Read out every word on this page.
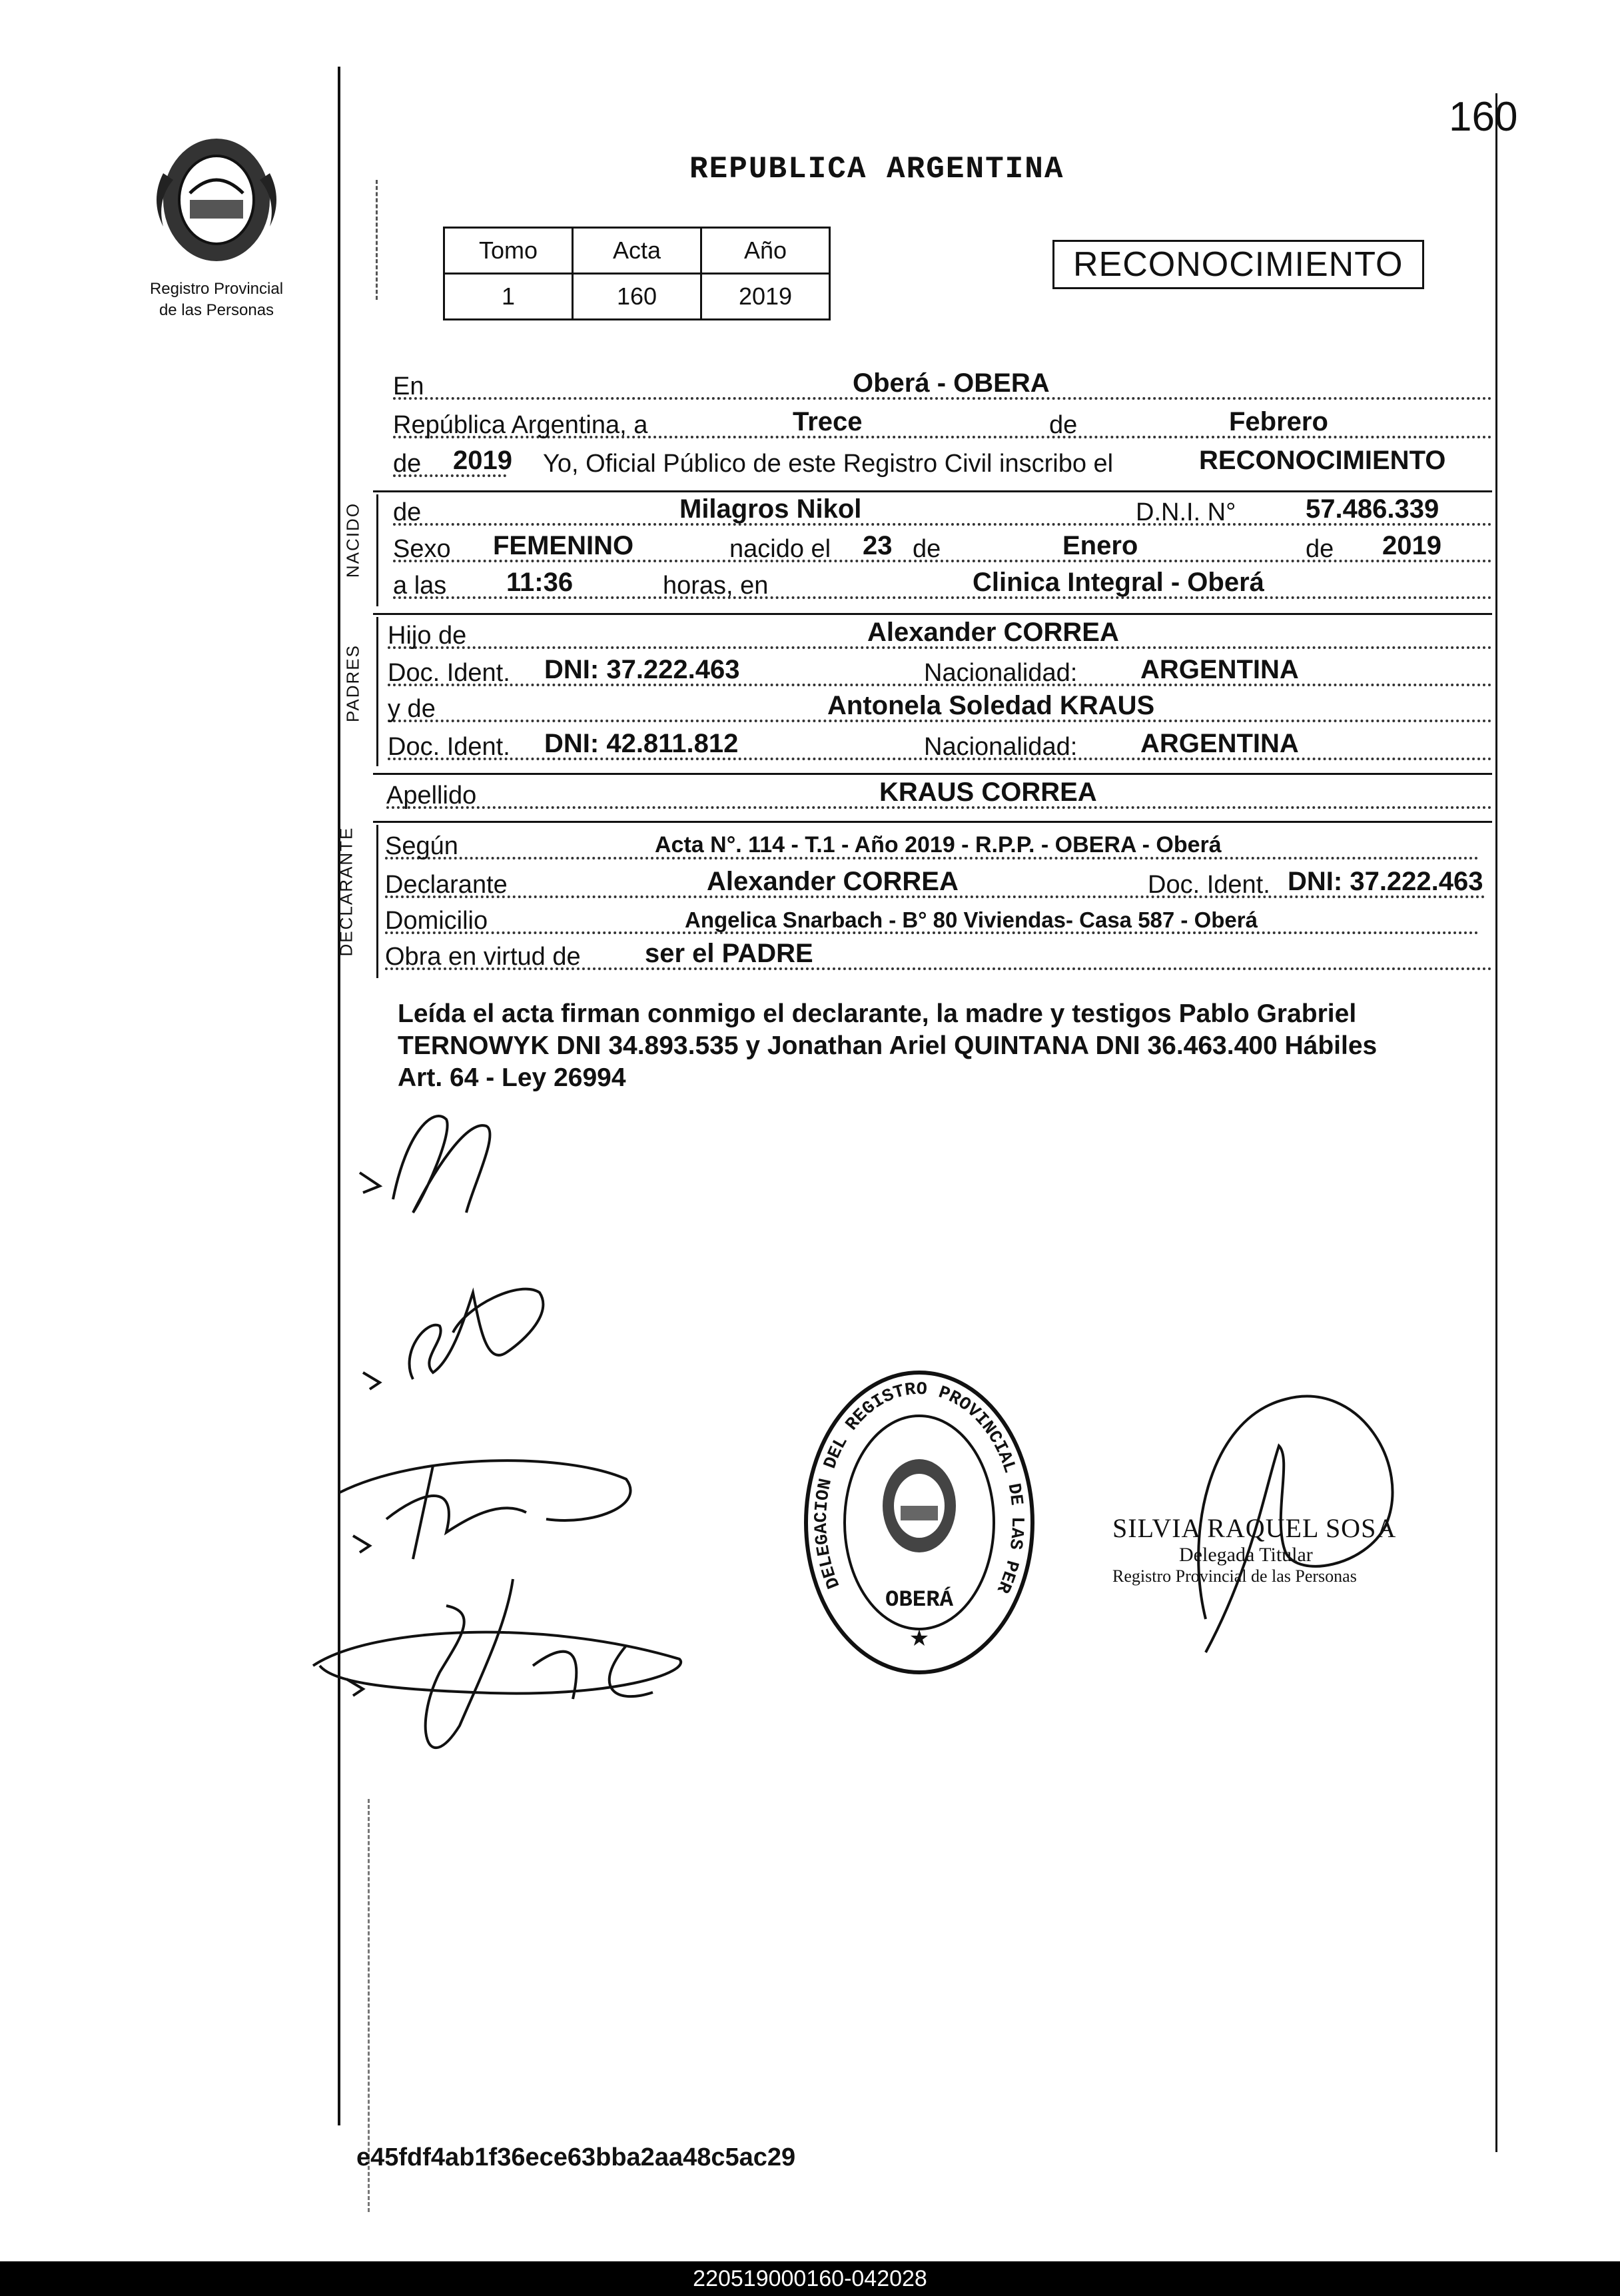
Registro Provincial
de las Personas
160
REPUBLICA ARGENTINA
Tomo	Acta	Año
1	160	2019
RECONOCIMIENTO
En	Oberá - OBERA
República Argentina, a	Trece	de	Febrero
de 2019 Yo, Oficial Público de este Registro Civil inscribo el	RECONOCIMIENTO
NACIDO de	Milagros Nikol	D.N.I. N°	57.486.339
Sexo FEMENINO	nacido el 23 de	Enero	de 2019
a las 11:36	horas, en	Clinica Integral - Oberá
PADRES
Hijo de	Alexander CORREA
Doc. Ident. DNI: 37.222.463	Nacionalidad: ARGENTINA
y de	Antonela Soledad KRAUS
Doc. Ident. DNI: 42.811.812	Nacionalidad: ARGENTINA
Apellido	KRAUS CORREA
DECLARANTE Según	Acta N°. 114 - T.1 - Año 2019 - R.P.P. - OBERA - Oberá
Declarante	Alexander CORREA	Doc. Ident. DNI: 37.222.463
Domicilio	Angelica Snarbach - B° 80 Viviendas- Casa 587 - Oberá
Obra en virtud de ser el PADRE
Leída el acta firman conmigo el declarante, la madre y testigos Pablo Grabriel
TERNOWYK DNI 34.893.535 y Jonathan Ariel QUINTANA DNI 36.463.400 Hábiles
Art. 64 - Ley 26994
DELEGACION DEL REGISTRO PROVINCIAL DE LAS PER
OBERÁ
★
SILVIA RAQUEL SOSA
Delegada Titular
Registro Provincial de las Personas
e45fdf4ab1f36ece63bba2aa48c5ac29
220519000160-042028
